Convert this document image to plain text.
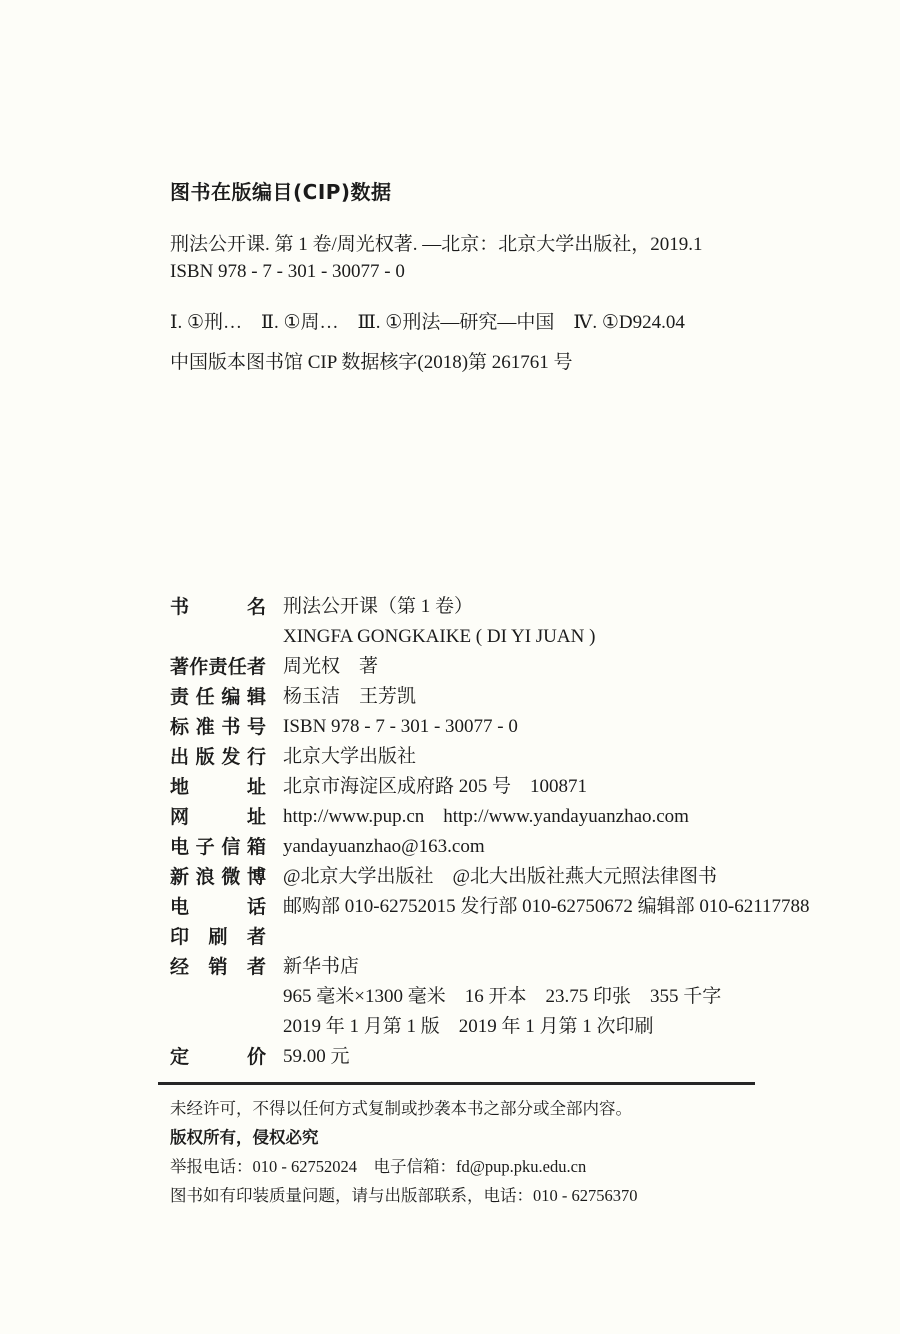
图书在版编目(CIP)数据
刑法公开课. 第 1 卷/周光权著. —北京：北京大学出版社，2019.1
ISBN 978 - 7 - 301 - 30077 - 0
Ⅰ. ①刑…　Ⅱ. ①周…　Ⅲ. ①刑法—研究—中国　Ⅳ. ①D924.04
中国版本图书馆 CIP 数据核字(2018)第 261761 号
书	名 刑法公开课（第 1 卷）
XINGFA GONGKAIKE ( DI YI JUAN )
著 作 责 任 者 周光权　著
责 任 编 辑 杨玉洁　王芳凯
标 准 书 号 ISBN 978 - 7 - 301 - 30077 - 0
出 版 发 行 北京大学出版社
地	址 北京市海淀区成府路 205 号　100871
网	址 http://www.pup.cn　http://www.yandayuanzhao.com
电 子 信 箱 yandayuanzhao@163.com
新 浪 微 博 @北京大学出版社　@北大出版社燕大元照法律图书
电	话 邮购部 010-62752015 发行部 010-62750672 编辑部 010-62117788
印 刷 者
经 销 者 新华书店
965 毫米×1300 毫米　16 开本　23.75 印张　355 千字
2019 年 1 月第 1 版　2019 年 1 月第 1 次印刷
定	价 59.00 元
未经许可，不得以任何方式复制或抄袭本书之部分或全部内容。
版权所有，侵权必究
举报电话：010 - 62752024　电子信箱：fd@pup.pku.edu.cn
图书如有印装质量问题，请与出版部联系，电话：010 - 62756370
